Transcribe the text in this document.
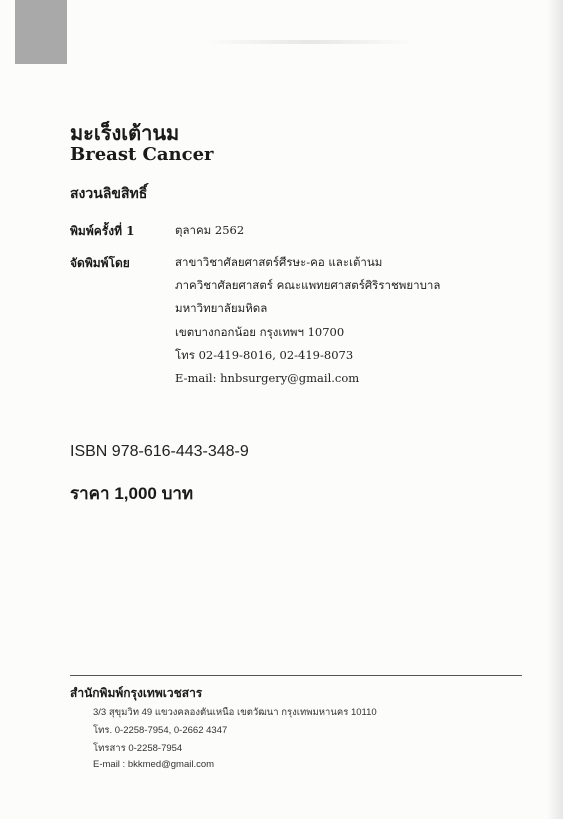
มะเร็งเต้านม
Breast Cancer
สงวนลิขสิทธิ์
พิมพ์ครั้งที่ 1	ตุลาคม 2562
จัดพิมพ์โดย	สาขาวิชาศัลยศาสตร์ศีรษะ-คอ และเต้านม
ภาควิชาศัลยศาสตร์ คณะแพทยศาสตร์ศิริราชพยาบาล
มหาวิทยาลัยมหิดล
เขตบางกอกน้อย กรุงเทพฯ 10700
โทร 02-419-8016, 02-419-8073
E-mail: hnbsurgery@gmail.com
ISBN 978-616-443-348-9
ราคา 1,000 บาท
สำนักพิมพ์กรุงเทพเวชสาร
3/3 สุขุมวิท 49 แขวงคลองตันเหนือ เขตวัฒนา กรุงเทพมหานคร 10110
โทร. 0-2258-7954, 0-2662 4347
โทรสาร 0-2258-7954
E-mail : bkkmed@gmail.com
